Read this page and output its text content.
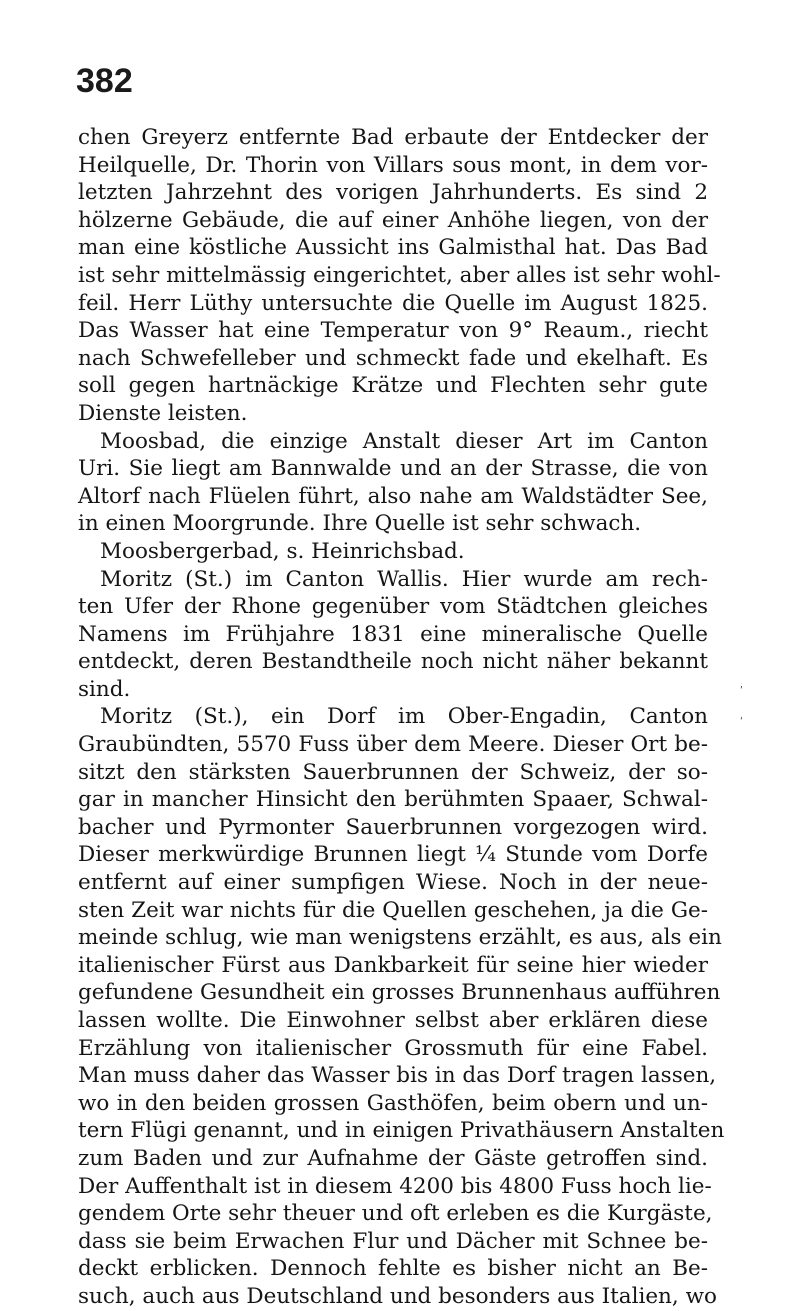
382
chen Greyerz entfernte Bad erbaute der Entdecker der
Heilquelle, Dr. Thorin von Villars sous mont, in dem vor-
letzten Jahrzehnt des vorigen Jahrhunderts. Es sind 2
hölzerne Gebäude, die auf einer Anhöhe liegen, von der
man eine köstliche Aussicht ins Galmisthal hat. Das Bad
ist sehr mittelmässig eingerichtet, aber alles ist sehr wohl-
feil. Herr Lüthy untersuchte die Quelle im August 1825.
Das Wasser hat eine Temperatur von 9° Reaum., riecht
nach Schwefelleber und schmeckt fade und ekelhaft. Es
soll gegen hartnäckige Krätze und Flechten sehr gute
Dienste leisten.
Moosbad, die einzige Anstalt dieser Art im Canton
Uri. Sie liegt am Bannwalde und an der Strasse, die von
Altorf nach Flüelen führt, also nahe am Waldstädter See,
in einen Moorgrunde. Ihre Quelle ist sehr schwach.
Moosbergerbad, s. Heinrichsbad.
Moritz (St.) im Canton Wallis. Hier wurde am rech-
ten Ufer der Rhone gegenüber vom Städtchen gleiches
Namens im Frühjahre 1831 eine mineralische Quelle
entdeckt, deren Bestandtheile noch nicht näher bekannt
sind.
Moritz (St.), ein Dorf im Ober-Engadin, Canton
Graubündten, 5570 Fuss über dem Meere. Dieser Ort be-
sitzt den stärksten Sauerbrunnen der Schweiz, der so-
gar in mancher Hinsicht den berühmten Spaaer, Schwal-
bacher und Pyrmonter Sauerbrunnen vorgezogen wird.
Dieser merkwürdige Brunnen liegt ¼ Stunde vom Dorfe
entfernt auf einer sumpfigen Wiese. Noch in der neue-
sten Zeit war nichts für die Quellen geschehen, ja die Ge-
meinde schlug, wie man wenigstens erzählt, es aus, als ein
italienischer Fürst aus Dankbarkeit für seine hier wieder
gefundene Gesundheit ein grosses Brunnenhaus aufführen
lassen wollte. Die Einwohner selbst aber erklären diese
Erzählung von italienischer Grossmuth für eine Fabel.
Man muss daher das Wasser bis in das Dorf tragen lassen,
wo in den beiden grossen Gasthöfen, beim obern und un-
tern Flügi genannt, und in einigen Privathäusern Anstalten
zum Baden und zur Aufnahme der Gäste getroffen sind.
Der Auffenthalt ist in diesem 4200 bis 4800 Fuss hoch lie-
gendem Orte sehr theuer und oft erleben es die Kurgäste,
dass sie beim Erwachen Flur und Dächer mit Schnee be-
deckt erblicken. Dennoch fehlte es bisher nicht an Be-
such, auch aus Deutschland und besonders aus Italien, wo
ʹ
ʹ
